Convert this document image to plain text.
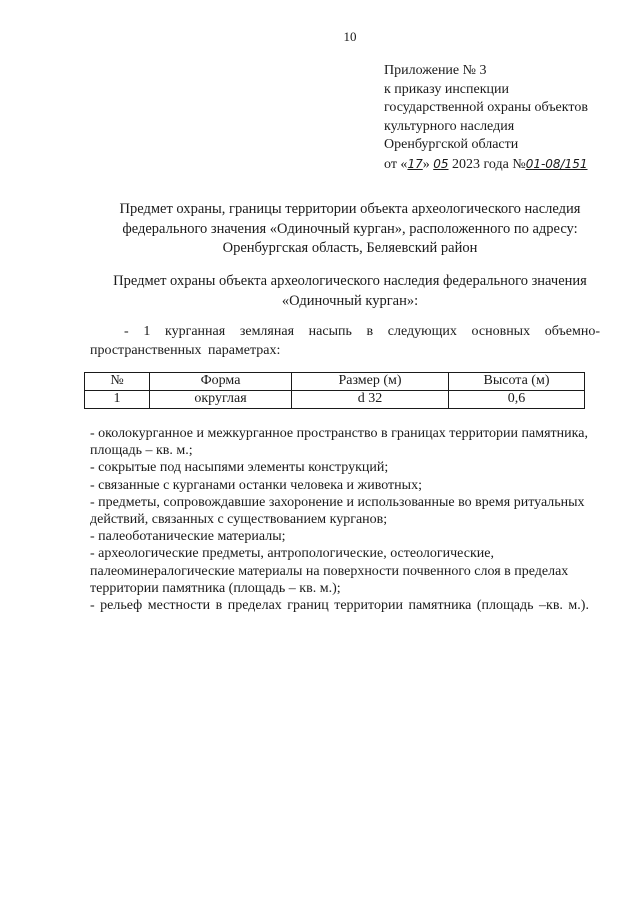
10
Приложение № 3
к приказу инспекции
государственной охраны объектов
культурного наследия
Оренбургской области
от «17» 05 2023 года №01-08/151
Предмет охраны, границы территории объекта археологического наследия
федерального значения «Одиночный курган», расположенного по адресу:
Оренбургская область, Беляевский район
Предмет охраны объекта археологического наследия федерального значения
«Одиночный курган»:
- 1 курганная земляная насыпь в следующих основных объемно-пространственных параметрах:
№	Форма	Размер (м)	Высота (м)
1	округлая	d 32	0,6
- околокурганное и межкурганное пространство в границах территории памятника, площадь – кв. м.;
- сокрытые под насыпями элементы конструкций;
- связанные с курганами останки человека и животных;
- предметы, сопровождавшие захоронение и использованные во время ритуальных действий, связанных с существованием курганов;
- палеоботанические материалы;
- археологические предметы, антропологические, остеологические, палеоминералогические материалы на поверхности почвенного слоя в пределах территории памятника (площадь – кв. м.);
- рельеф местности в пределах границ территории памятника (площадь –кв. м.).
